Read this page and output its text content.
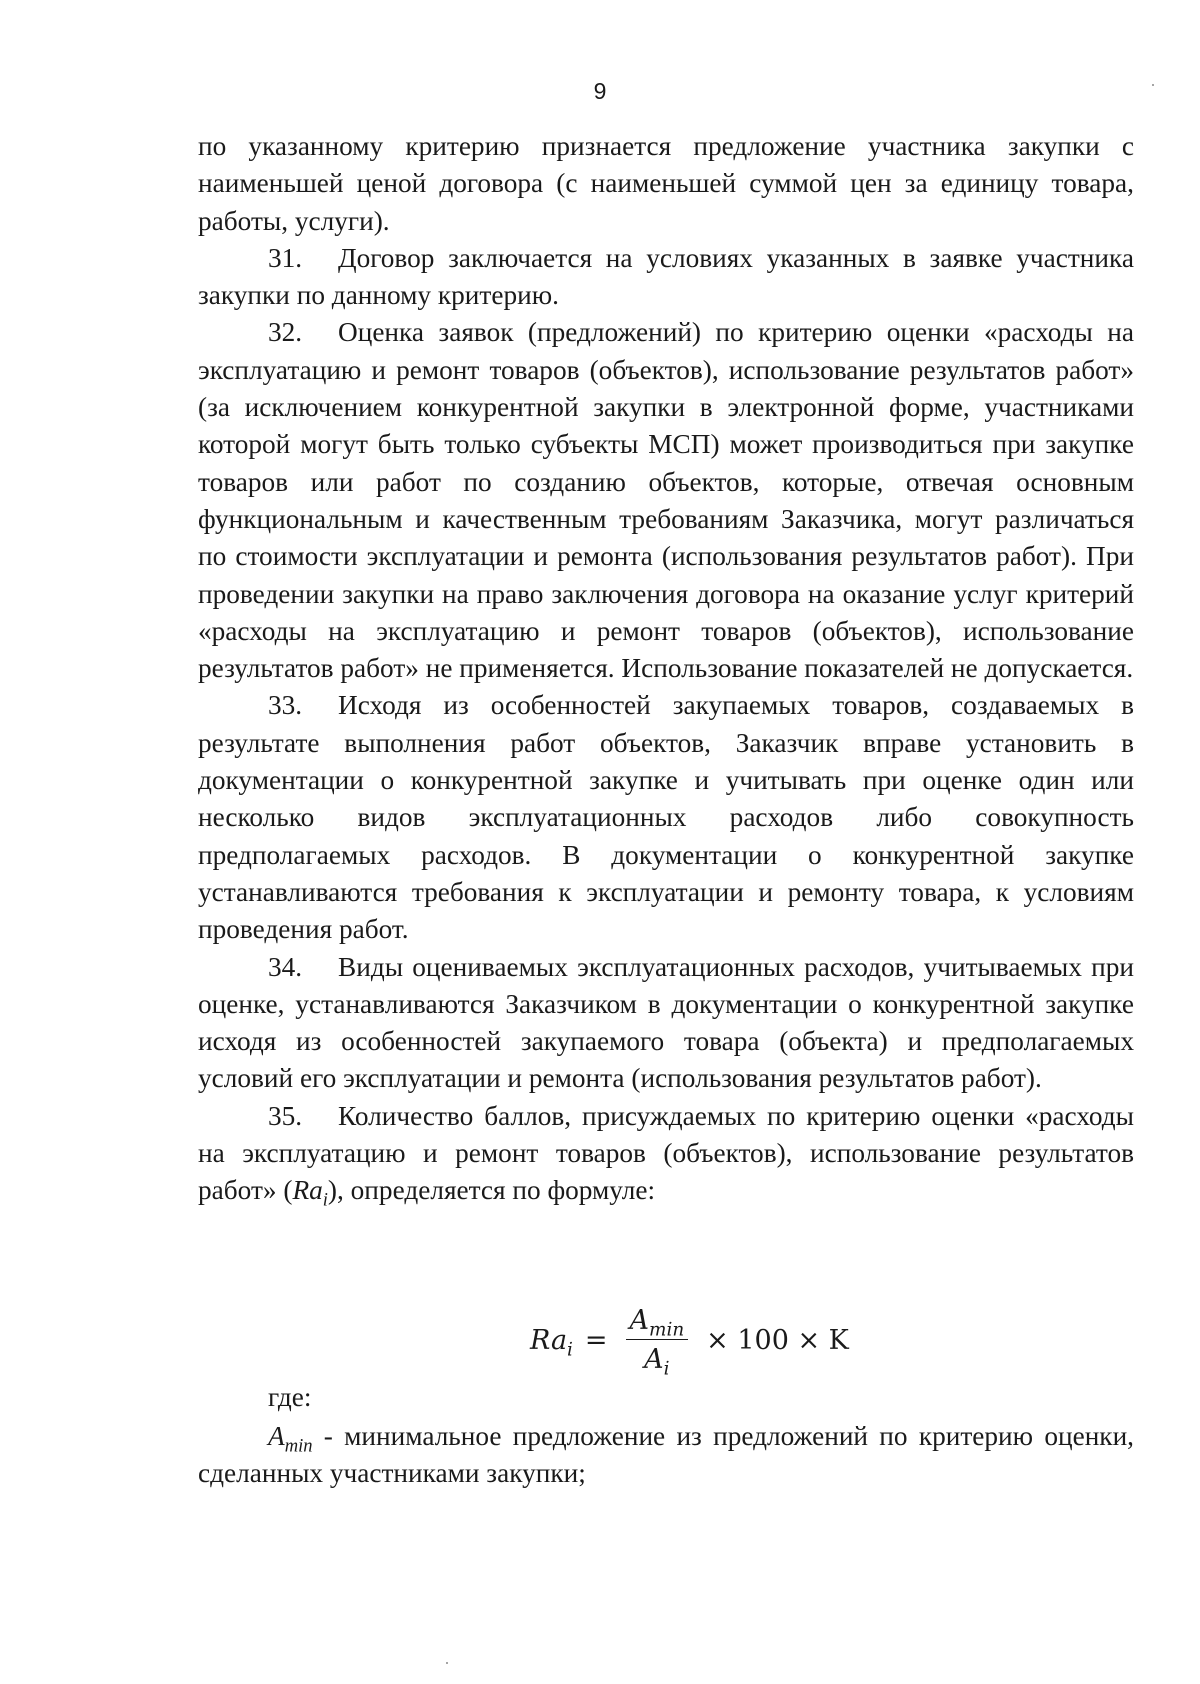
9

по указанному критерию признается предложение участника закупки с наименьшей ценой договора (с наименьшей суммой цен за единицу товара, работы, услуги).

31. Договор заключается на условиях указанных в заявке участника закупки по данному критерию.

32. Оценка заявок (предложений) по критерию оценки «расходы на эксплуатацию и ремонт товаров (объектов), использование результатов работ» (за исключением конкурентной закупки в электронной форме, участниками которой могут быть только субъекты МСП) может производиться при закупке товаров или работ по созданию объектов, которые, отвечая основным функциональным и качественным требованиям Заказчика, могут различаться по стоимости эксплуатации и ремонта (использования результатов работ). При проведении закупки на право заключения договора на оказание услуг критерий «расходы на эксплуатацию и ремонт товаров (объектов), использование результатов работ» не применяется. Использование показателей не допускается.

33. Исходя из особенностей закупаемых товаров, создаваемых в результате выполнения работ объектов, Заказчик вправе установить в документации о конкурентной закупке и учитывать при оценке один или несколько видов эксплуатационных расходов либо совокупность предполагаемых расходов. В документации о конкурентной закупке устанавливаются требования к эксплуатации и ремонту товара, к условиям проведения работ.

34. Виды оцениваемых эксплуатационных расходов, учитываемых при оценке, устанавливаются Заказчиком в документации о конкурентной закупке исходя из особенностей закупаемого товара (объекта) и предполагаемых условий его эксплуатации и ремонта (использования результатов работ).

35. Количество баллов, присуждаемых по критерию оценки «расходы на эксплуатацию и ремонт товаров (объектов), использование результатов работ» $(Ra_i)$, определяется по формуле:

$Ra_i = \frac{A_{min}}{A_i} \times 100 \times K$
где:

$A_{min}$ - минимальное предложение из предложений по критерию оценки, сделанных участниками закупки;
